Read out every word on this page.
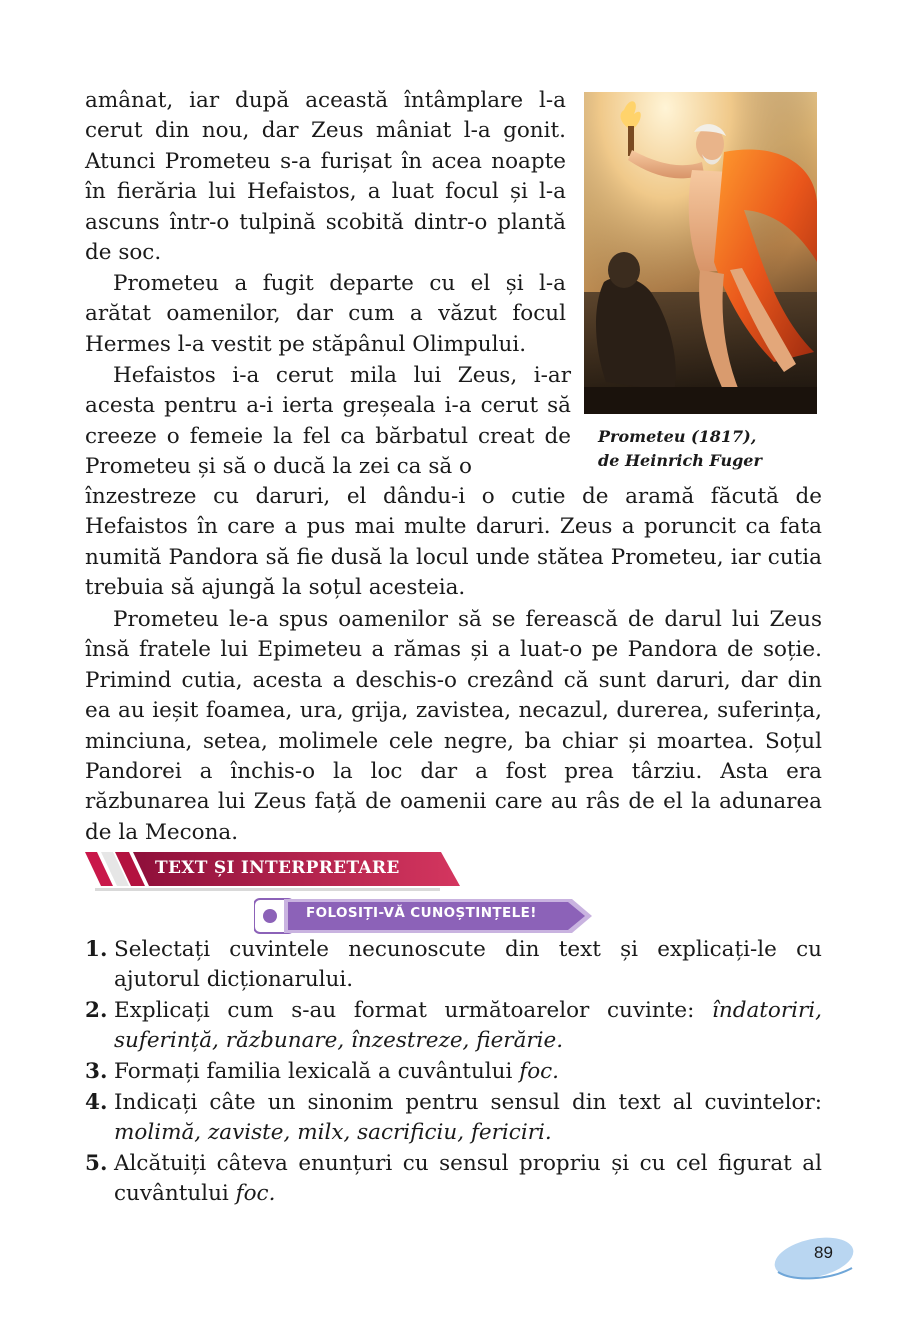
amânat, iar după această întâmplare l-a cerut din nou, dar Zeus mâniat l-a gonit. Atunci Prometeu s-a furișat în acea noapte în fierăria lui Hefaistos, a luat focul și l-a ascuns într-o tulpină scobită dintr-o plantă de soc.

Prometeu a fugit departe cu el și l-a arătat oamenilor, dar cum a văzut focul Hermes l-a vestit pe stăpânul Olimpului.

Hefaistos i-a cerut mila lui Zeus, i-ar acesta pentru a-i ierta greșeala i-a cerut să creeze o femeie la fel ca bărbatul creat de Prometeu și să o ducă la zei ca să o

înzestreze cu daruri, el dându-i o cutie de aramă făcută de Hefaistos în care a pus mai multe daruri. Zeus a poruncit ca fata numită Pandora să fie dusă la locul unde stătea Prometeu, iar cutia trebuia să ajungă la soțul acesteia.

Prometeu le-a spus oamenilor să se ferească de darul lui Zeus însă fratele lui Epimeteu a rămas și a luat-o pe Pandora de soție. Primind cutia, acesta a deschis-o crezând că sunt daruri, dar din ea au ieșit foamea, ura, grija, zavistea, necazul, durerea, suferința, minciuna, setea, molimele cele negre, ba chiar și moartea. Soțul Pandorei a închis-o la loc dar a fost prea târziu. Asta era răzbunarea lui Zeus față de oamenii care au râs de el la adunarea de la Mecona.

Prometeu (1817),
de Heinrich Fuger
TEXT ȘI INTERPRETARE
FOLOSIȚI-VĂ CUNOȘTINȚELE!
1. Selectați cuvintele necunoscute din text și explicați-le cu ajutorul dicționarului.
2. Explicați cum s-au format următoarelor cuvinte: îndatoriri, suferință, răzbunare, înzestreze, fierărie.
3. Formați familia lexicală a cuvântului foc.
4. Indicați câte un sinonim pentru sensul din text al cuvintelor: molimă, zaviste, milx, sacrificiu, fericiri.
5. Alcătuiți câteva enunțuri cu sensul propriu și cu cel figurat al cuvântului foc.
89
